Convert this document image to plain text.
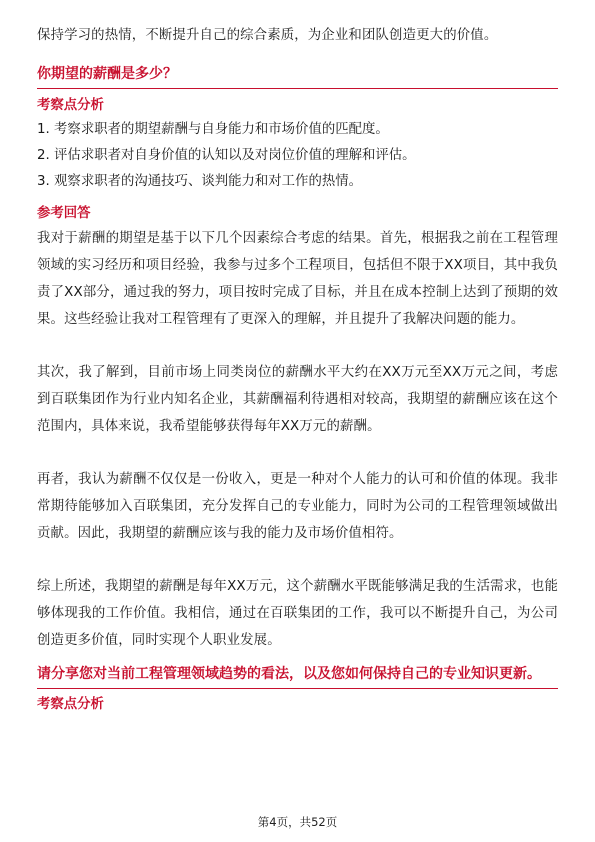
保持学习的热情，不断提升自己的综合素质，为企业和团队创造更大的价值。

你期望的薪酬是多少？

考察点分析

1. 考察求职者的期望薪酬与自身能力和市场价值的匹配度。

2. 评估求职者对自身价值的认知以及对岗位价值的理解和评估。

3. 观察求职者的沟通技巧、谈判能力和对工作的热情。

参考回答

我对于薪酬的期望是基于以下几个因素综合考虑的结果。首先，根据我之前在工程管理领域的实习经历和项目经验，我参与过多个工程项目，包括但不限于XX项目，其中我负责了XX部分，通过我的努力，项目按时完成了目标，并且在成本控制上达到了预期的效果。这些经验让我对工程管理有了更深入的理解，并且提升了我解决问题的能力。

其次，我了解到，目前市场上同类岗位的薪酬水平大约在XX万元至XX万元之间，考虑到百联集团作为行业内知名企业，其薪酬福利待遇相对较高，我期望的薪酬应该在这个范围内，具体来说，我希望能够获得每年XX万元的薪酬。

再者，我认为薪酬不仅仅是一份收入，更是一种对个人能力的认可和价值的体现。我非常期待能够加入百联集团，充分发挥自己的专业能力，同时为公司的工程管理领域做出贡献。因此，我期望的薪酬应该与我的能力及市场价值相符。

综上所述，我期望的薪酬是每年XX万元，这个薪酬水平既能够满足我的生活需求，也能够体现我的工作价值。我相信，通过在百联集团的工作，我可以不断提升自己，为公司创造更多价值，同时实现个人职业发展。

请分享您对当前工程管理领域趋势的看法，以及您如何保持自己的专业知识更新。

考察点分析

第4页，共52页
